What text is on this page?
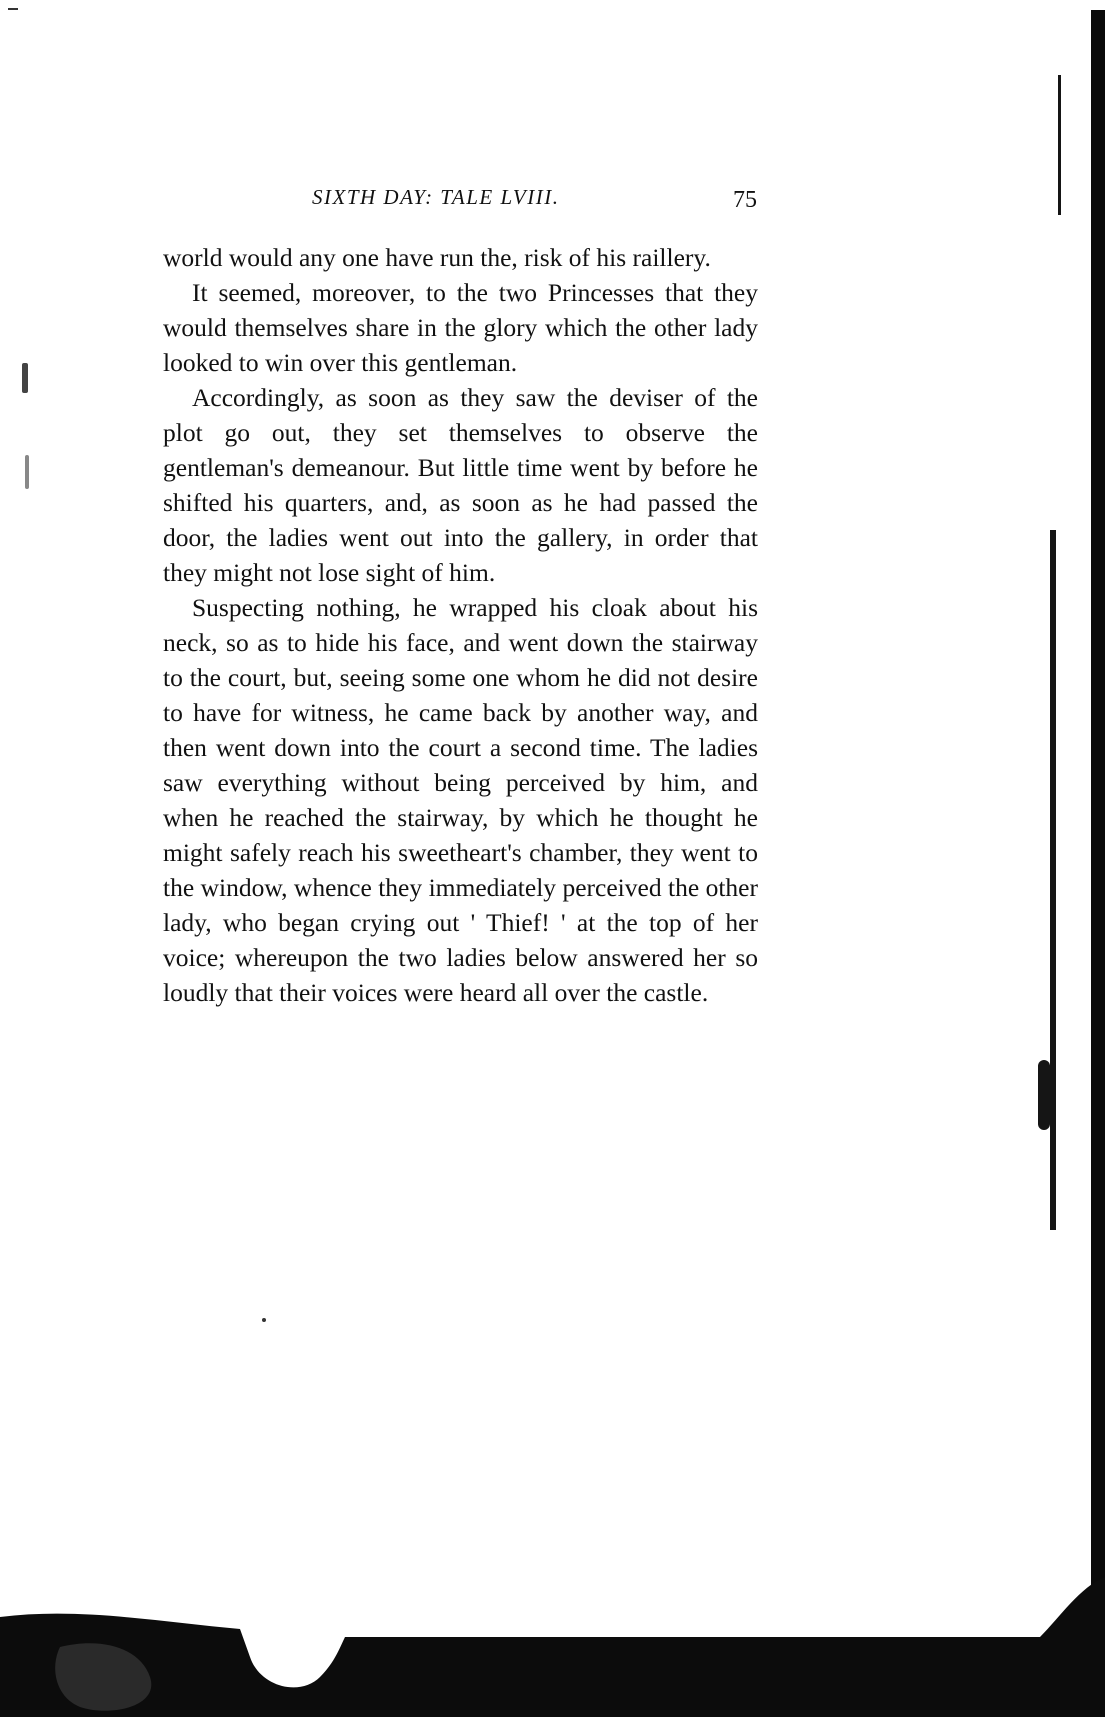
SIXTH DAY: TALE LVIII.	75

world would any one have run the, risk of his raillery.

It seemed, moreover, to the two Princesses that they would themselves share in the glory which the other lady looked to win over this gentleman.

Accordingly, as soon as they saw the deviser of the plot go out, they set themselves to observe the gentleman's demeanour. But little time went by before he shifted his quarters, and, as soon as he had passed the door, the ladies went out into the gallery, in order that they might not lose sight of him.

Suspecting nothing, he wrapped his cloak about his neck, so as to hide his face, and went down the stairway to the court, but, seeing some one whom he did not desire to have for witness, he came back by another way, and then went down into the court a second time. The ladies saw everything without being perceived by him, and when he reached the stairway, by which he thought he might safely reach his sweetheart's chamber, they went to the window, whence they immediately perceived the other lady, who began crying out ' Thief! ' at the top of her voice; whereupon the two ladies below answered her so loudly that their voices were heard all over the castle.
